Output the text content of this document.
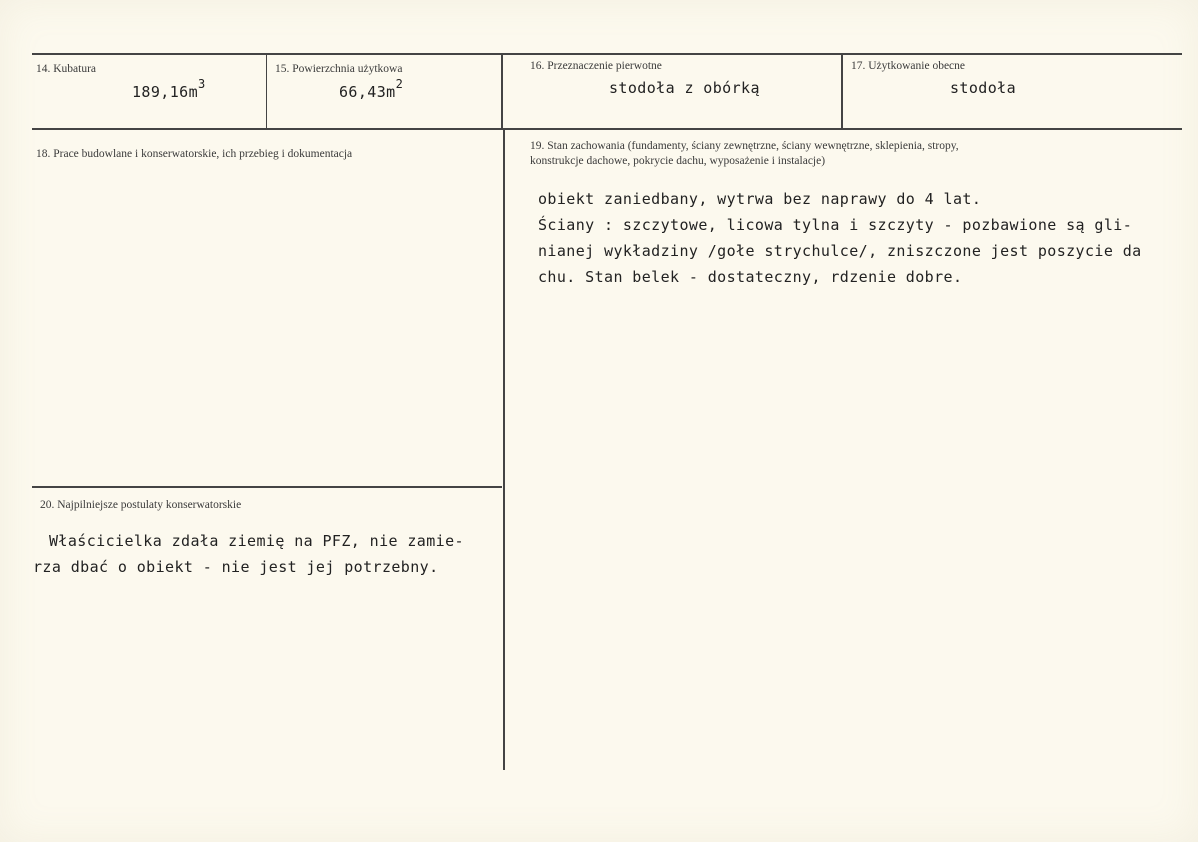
14. Kubatura
$189,16m^3$
15. Powierzchnia użytkowa
$66,43m^2$
16. Przeznaczenie pierwotne
stodoła z obórką
17. Użytkowanie obecne
stodoła
18. Prace budowlane i konserwatorskie, ich przebieg i dokumentacja
19. Stan zachowania (fundamenty, ściany zewnętrzne, ściany wewnętrzne, sklepienia, stropy,
konstrukcje dachowe, pokrycie dachu, wyposażenie i instalacje)
obiekt zaniedbany, wytrwa bez naprawy do 4 lat.
Ściany : szczytowe, licowa tylna i szczyty - pozbawione są gli-
nianej wykładziny /gołe strychulce/, zniszczone jest poszycie da
chu. Stan belek - dostateczny, rdzenie dobre.
20. Najpilniejsze postulaty konserwatorskie
Właścicielka zdała ziemię na PFZ, nie zamie-
rza dbać o obiekt - nie jest jej potrzebny.
